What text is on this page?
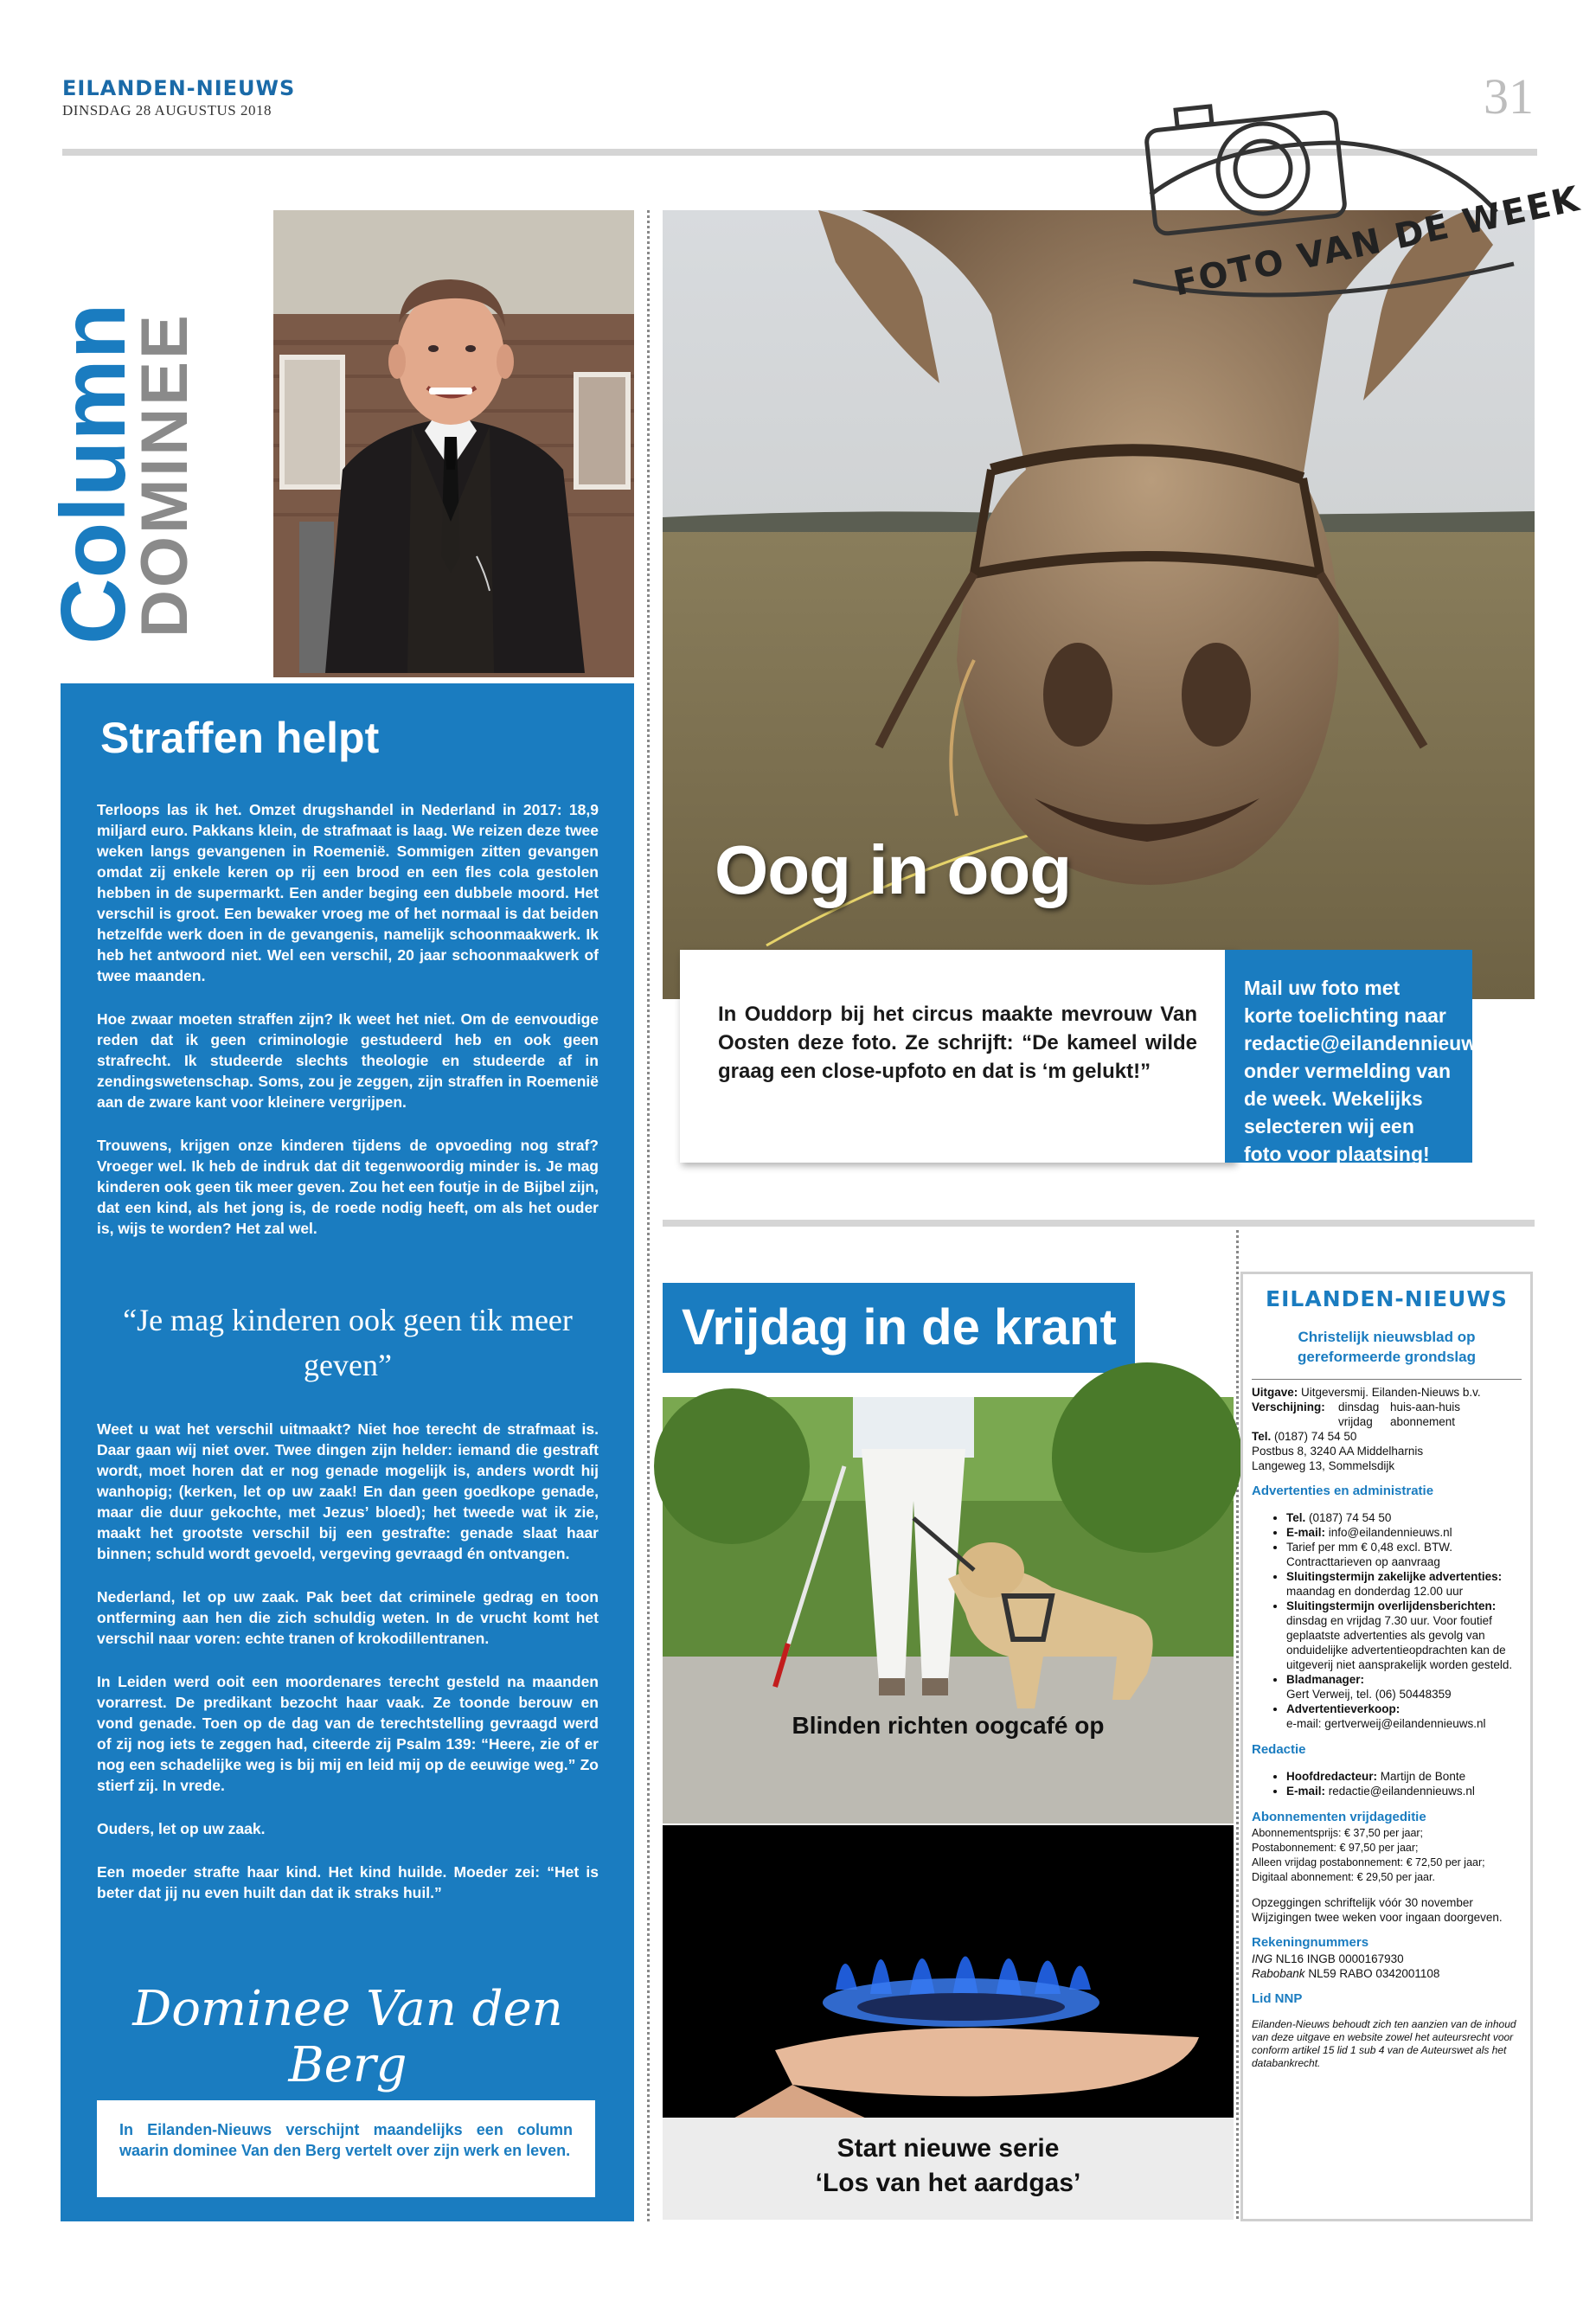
EILANDEN-NIEUWS
DINSDAG 28 AUGUSTUS 2018	31
Column
DOMINEE
Straffen helpt

Terloops las ik het. Omzet drugshandel in Nederland in 2017: 18,9 miljard euro. Pakkans klein, de strafmaat is laag. We reizen deze twee weken langs gevangenen in Roemenië. Sommigen zitten gevangen omdat zij enkele keren op rij een brood en een fles cola gestolen hebben in de supermarkt. Een ander beging een dubbele moord. Het verschil is groot. Een bewaker vroeg me of het normaal is dat beiden hetzelfde werk doen in de gevangenis, namelijk schoonmaakwerk. Ik heb het antwoord niet. Wel een verschil, 20 jaar schoonmaakwerk of twee maanden.

Hoe zwaar moeten straffen zijn? Ik weet het niet. Om de eenvoudige reden dat ik geen criminologie gestudeerd heb en ook geen strafrecht. Ik studeerde slechts theologie en studeerde af in zendingswetenschap. Soms, zou je zeggen, zijn straffen in Roemenië aan de zware kant voor kleinere vergrijpen.

Trouwens, krijgen onze kinderen tijdens de opvoeding nog straf? Vroeger wel. Ik heb de indruk dat dit tegenwoordig minder is. Je mag kinderen ook geen tik meer geven. Zou het een foutje in de Bijbel zijn, dat een kind, als het jong is, de roede nodig heeft, om als het ouder is, wijs te worden? Het zal wel.

“Je mag kinderen ook geen tik meer geven”

Weet u wat het verschil uitmaakt? Niet hoe terecht de strafmaat is. Daar gaan wij niet over. Twee dingen zijn helder: iemand die gestraft wordt, moet horen dat er nog genade mogelijk is, anders wordt hij wanhopig; (kerken, let op uw zaak! En dan geen goedkope genade, maar die duur gekochte, met Jezus’ bloed); het tweede wat ik zie, maakt het grootste verschil bij een gestrafte: genade slaat haar binnen; schuld wordt gevoeld, vergeving gevraagd én ontvangen.

Nederland, let op uw zaak. Pak beet dat criminele gedrag en toon ontferming aan hen die zich schuldig weten. In de vrucht komt het verschil naar voren: echte tranen of krokodillentranen.

In Leiden werd ooit een moordenares terecht gesteld na maanden vorarrest. De predikant bezocht haar vaak. Ze toonde berouw en vond genade. Toen op de dag van de terechtstelling gevraagd werd of zij nog iets te zeggen had, citeerde zij Psalm 139: “Heere, zie of er nog een schadelijke weg is bij mij en leid mij op de eeuwige weg.” Zo stierf zij. In vrede.

Ouders, let op uw zaak.

Een moeder strafte haar kind. Het kind huilde. Moeder zei: “Het is beter dat jij nu even huilt dan dat ik straks huil.”

Dominee Van den Berg
In Eilanden-Nieuws verschijnt maandelijks een column waarin dominee Van den Berg vertelt over zijn werk en leven.
FOTO VAN DE WEEK
Oog in oog
In Ouddorp bij het circus maakte mevrouw Van Oosten deze foto. Ze schrijft: “De kameel wilde graag een close-upfoto en dat is ‘m gelukt!”
Mail uw foto met korte toelichting naar redactie@eilandennieuws.nl onder vermelding van de week. Wekelijks selecteren wij een foto voor plaatsing!
Vrijdag in de krant
Blinden richten oogcafé op
Start nieuwe serie
‘Los van het aardgas’
EILANDEN-NIEUWS
Christelijk nieuwsblad op
gereformeerde grondslag
Uitgave: Uitgeversmij. Eilanden-Nieuws b.v.
Verschijning:	dinsdag huis-aan-huis
vrijdag	abonnement
Tel. (0187) 74 54 50
Postbus 8, 3240 AA Middelharnis
Langeweg 13, Sommelsdijk
Advertenties en administratie
• Tel. (0187) 74 54 50
• E-mail: info@eilandennieuws.nl
• Tarief per mm € 0,48 excl. BTW. Contracttarieven op aanvraag
• Sluitingstermijn zakelijke advertenties:
maandag en donderdag 12.00 uur
• Sluitingstermijn overlijdensberichten:
dinsdag en vrijdag 7.30 uur. Voor foutief geplaatste advertenties als gevolg van onduidelijke advertentieopdrachten kan de uitgeverij niet aansprakelijk worden gesteld.
• Bladmanager:
Gert Verweij, tel. (06) 50448359
• Advertentieverkoop:
e-mail: gertverweij@eilandennieuws.nl
Redactie
• Hoofdredacteur: Martijn de Bonte
• E-mail: redactie@eilandennieuws.nl
Abonnementen vrijdageditie
Abonnementsprijs: € 37,50 per jaar;
Postabonnement: € 97,50 per jaar;
Alleen vrijdag postabonnement: € 72,50 per jaar;
Digitaal abonnement: € 29,50 per jaar.
Opzeggingen schriftelijk vóór 30 november Wijzigingen twee weken voor ingaan doorgeven.
Rekeningnummers
ING NL16 INGB 0000167930
Rabobank NL59 RABO 0342001108
Lid NNP
Eilanden-Nieuws behoudt zich ten aanzien van de inhoud van deze uitgave en website zowel het auteursrecht voor conform artikel 15 lid 1 sub 4 van de Auteurswet als het databankrecht.
